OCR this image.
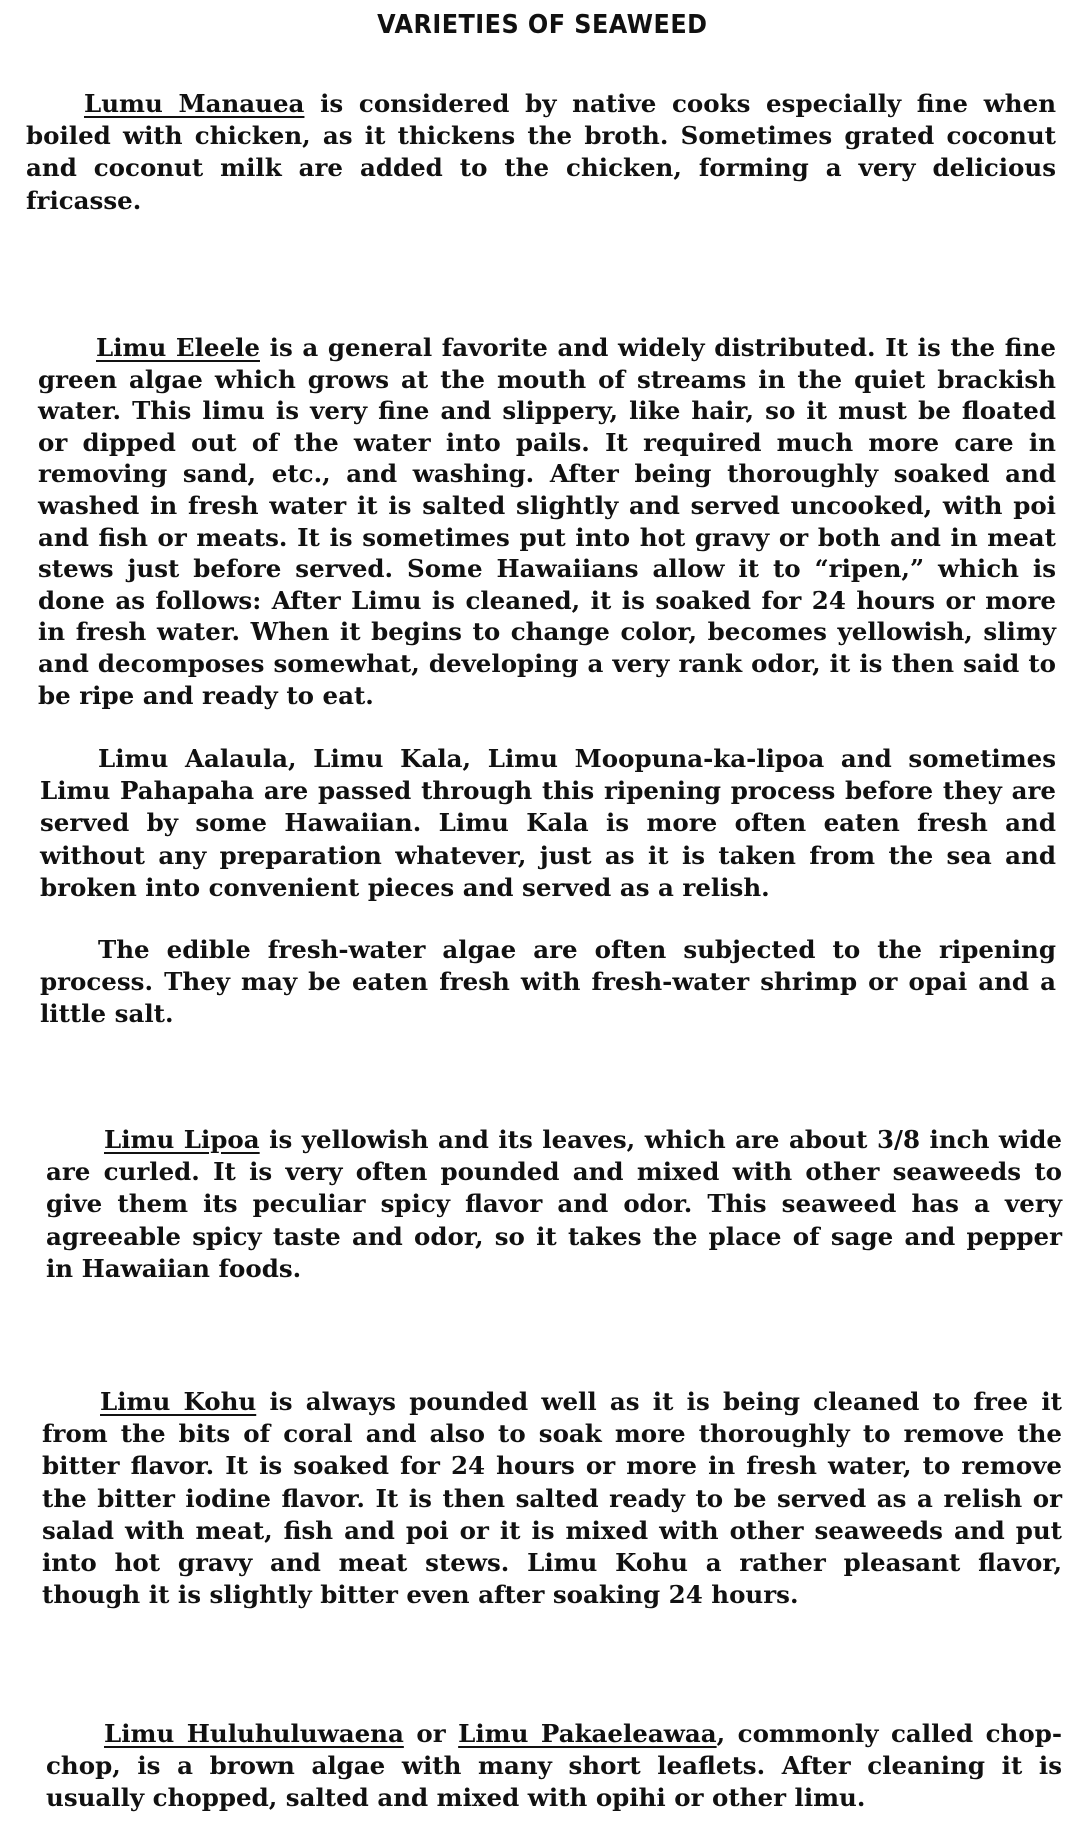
VARIETIES OF SEAWEED

Lumu Manauea is considered by native cooks especially fine when boiled with chicken, as it thickens the broth. Sometimes grated coconut and coconut milk are added to the chicken, forming a very delicious fricasse.

Limu Eleele is a general favorite and widely distributed. It is the fine green algae which grows at the mouth of streams in the quiet brackish water. This limu is very fine and slippery, like hair, so it must be floated or dipped out of the water into pails. It required much more care in removing sand, etc., and washing. After being thoroughly soaked and washed in fresh water it is salted slightly and served uncooked, with poi and fish or meats. It is sometimes put into hot gravy or both and in meat stews just before served. Some Hawaiians allow it to “ripen,” which is done as follows: After Limu is cleaned, it is soaked for 24 hours or more in fresh water. When it begins to change color, becomes yellowish, slimy and decomposes somewhat, developing a very rank odor, it is then said to be ripe and ready to eat.

Limu Aalaula, Limu Kala, Limu Moopuna-ka-lipoa and sometimes Limu Pahapaha are passed through this ripening process before they are served by some Hawaiian. Limu Kala is more often eaten fresh and without any preparation whatever, just as it is taken from the sea and broken into convenient pieces and served as a relish.

The edible fresh-water algae are often subjected to the ripening process. They may be eaten fresh with fresh-water shrimp or opai and a little salt.

Limu Lipoa is yellowish and its leaves, which are about 3/8 inch wide are curled. It is very often pounded and mixed with other seaweeds to give them its peculiar spicy flavor and odor. This seaweed has a very agreeable spicy taste and odor, so it takes the place of sage and pepper in Hawaiian foods.

Limu Kohu is always pounded well as it is being cleaned to free it from the bits of coral and also to soak more thoroughly to remove the bitter flavor. It is soaked for 24 hours or more in fresh water, to remove the bitter iodine flavor. It is then salted ready to be served as a relish or salad with meat, fish and poi or it is mixed with other seaweeds and put into hot gravy and meat stews. Limu Kohu a rather pleasant flavor, though it is slightly bitter even after soaking 24 hours.

Limu Huluhuluwaena or Limu Pakaeleawaa, commonly called chop-chop, is a brown algae with many short leaflets. After cleaning it is usually chopped, salted and mixed with opihi or other limu.
